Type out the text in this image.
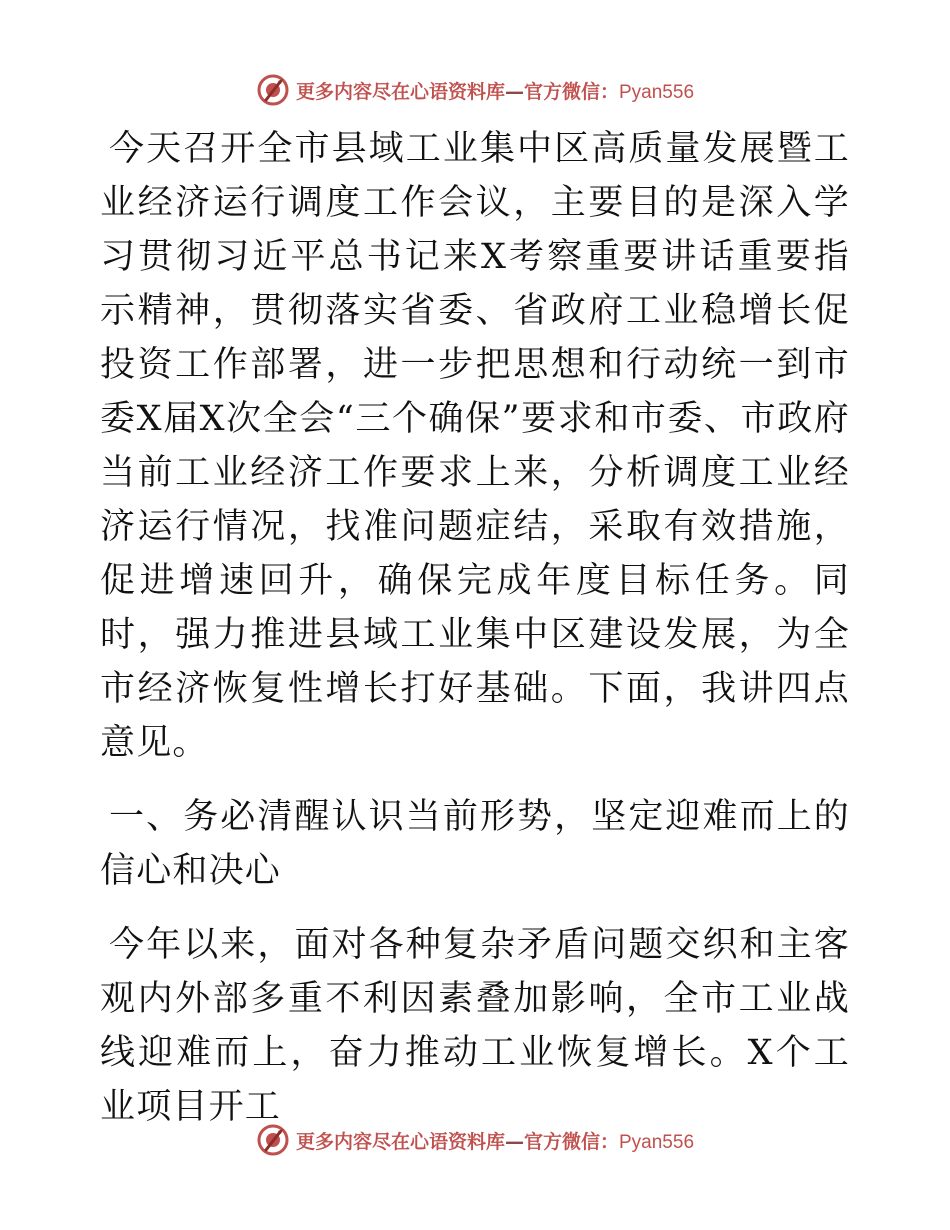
更多内容尽在心语资料库—官方微信：Pyan556

今天召开全市县域工业集中区高质量发展暨工业经济运行调度工作会议，主要目的是深入学习贯彻习近平总书记来X考察重要讲话重要指示精神，贯彻落实省委、省政府工业稳增长促投资工作部署，进一步把思想和行动统一到市委X届X次全会“三个确保”要求和市委、市政府当前工业经济工作要求上来，分析调度工业经济运行情况，找准问题症结，采取有效措施，促进增速回升，确保完成年度目标任务。同时，强力推进县域工业集中区建设发展，为全市经济恢复性增长打好基础。下面，我讲四点意见。

一、务必清醒认识当前形势，坚定迎难而上的信心和决心

今年以来，面对各种复杂矛盾问题交织和主客观内外部多重不利因素叠加影响，全市工业战线迎难而上，奋力推动工业恢复增长。X个工业项目开工

更多内容尽在心语资料库—官方微信：Pyan556
